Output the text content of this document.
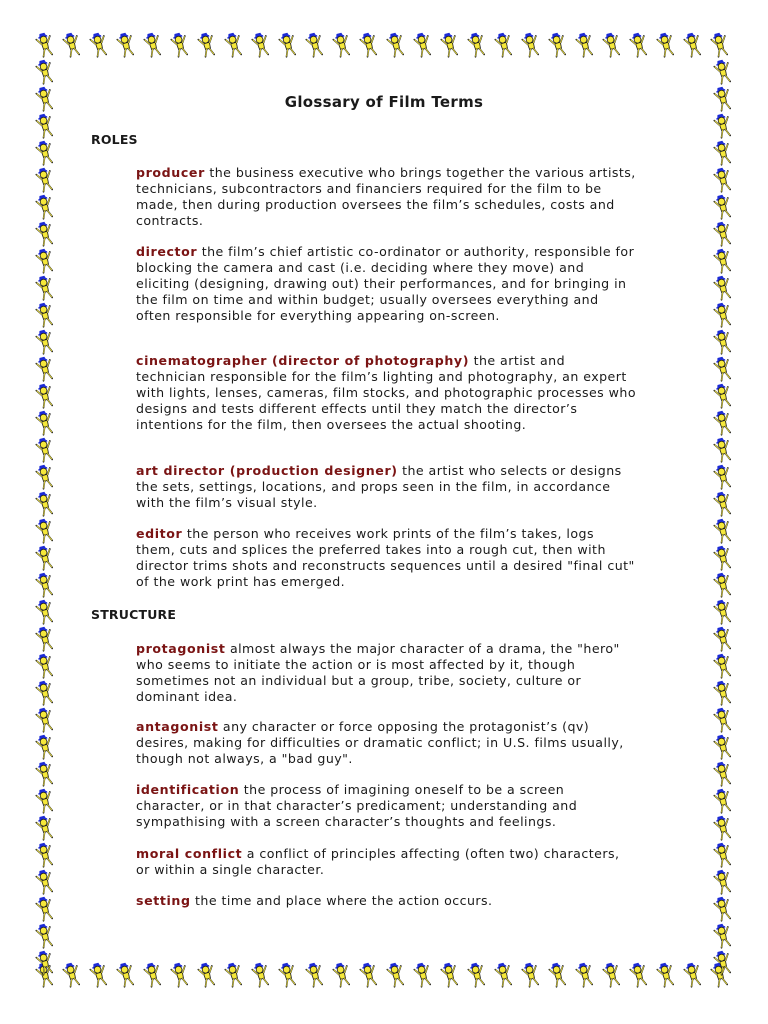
Glossary of Film Terms
ROLES

producer the business executive who brings together the various artists, technicians, subcontractors and financiers required for the film to be made, then during production oversees the film’s schedules, costs and contracts.

director the film’s chief artistic co-ordinator or authority, responsible for blocking the camera and cast (i.e. deciding where they move) and eliciting (designing, drawing out) their performances, and for bringing in the film on time and within budget; usually oversees everything and often responsible for everything appearing on-screen.

cinematographer (director of photography) the artist and technician responsible for the film’s lighting and photography, an expert with lights, lenses, cameras, film stocks, and photographic processes who designs and tests different effects until they match the director’s intentions for the film, then oversees the actual shooting.

art director (production designer) the artist who selects or designs the sets, settings, locations, and props seen in the film, in accordance with the film’s visual style.

editor the person who receives work prints of the film’s takes, logs them, cuts and splices the preferred takes into a rough cut, then with director trims shots and reconstructs sequences until a desired "final cut" of the work print has emerged.

STRUCTURE

protagonist almost always the major character of a drama, the "hero" who seems to initiate the action or is most affected by it, though sometimes not an individual but a group, tribe, society, culture or dominant idea.

antagonist any character or force opposing the protagonist’s (qv) desires, making for difficulties or dramatic conflict; in U.S. films usually, though not always, a "bad guy".

identification the process of imagining oneself to be a screen character, or in that character’s predicament; understanding and sympathising with a screen character’s thoughts and feelings.

moral conflict a conflict of principles affecting (often two) characters, or within a single character.

setting the time and place where the action occurs.
